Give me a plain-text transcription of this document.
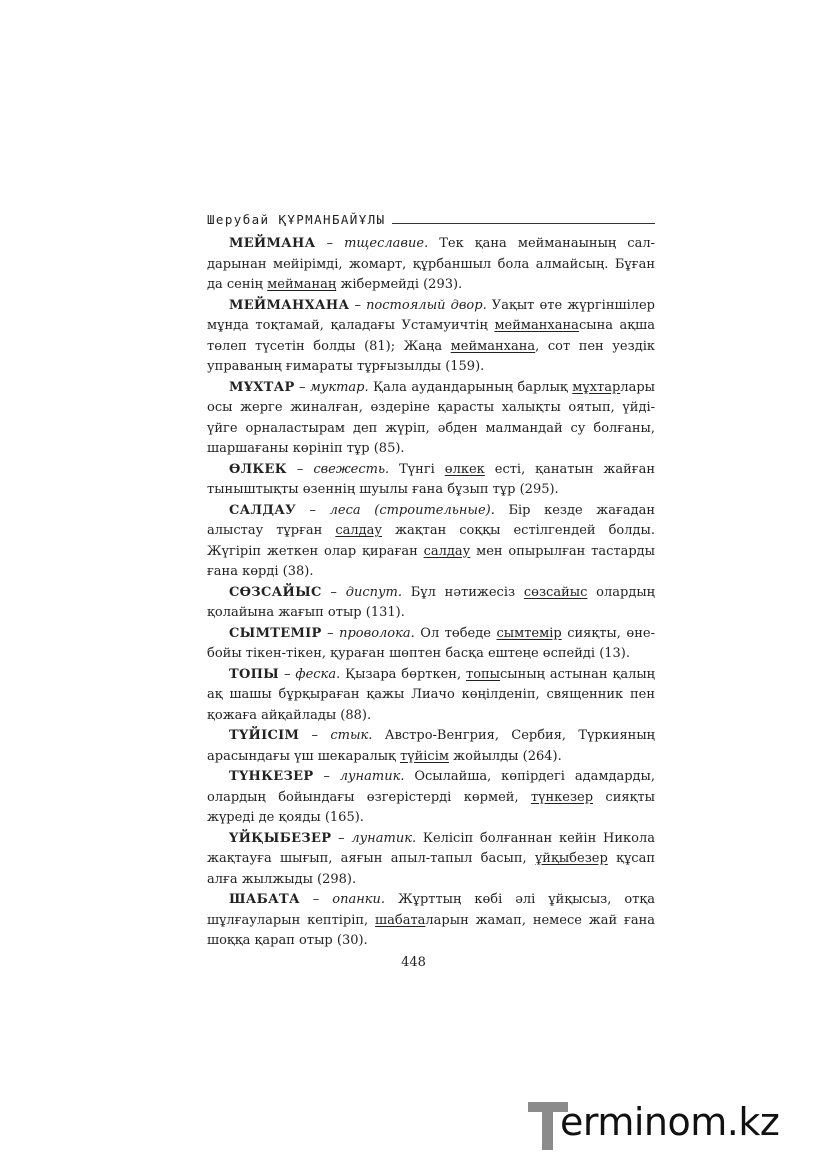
Шерубай ҚҰРМАНБАЙҰЛЫ

МЕЙМАНА – тщеславие. Тек қана мейманаының салдарынан мейірімді, жомарт, құрбаншыл бола алмайсың. Бұған да сенің мейманаң жібермейді (293).

МЕЙМАНХАНА – постоялый двор. Уақыт өте жүргіншілер мұнда тоқтамай, қаладағы Устамуичтің мейманханасына ақша төлеп түсетін болды (81); Жаңа мейманхана, сот пен уездік управаның ғимараты тұрғызылды (159).

МҰХТАР – муктар. Қала аудандарының барлық мұхтарлары осы жерге жиналған, өздеріне қарасты халықты оятып, үйді-үйге орналастырам деп жүріп, әбден малмандай су болғаны, шаршағаны көрініп тұр (85).

ӨЛКЕК – свежесть. Түнгі өлкек есті, қанатын жайған тыныштықты өзеннің шуылы ғана бұзып тұр (295).

САЛДАУ – леса (строительные). Бір кезде жағадан алыстау тұрған салдау жақтан соққы естілгендей болды. Жүгіріп жеткен олар қираған салдау мен опырылған тастарды ғана көрді (38).

СӨЗСАЙЫС – диспут. Бұл нәтижесіз сөзсайыс олардың қолайына жағып отыр (131).

СЫМТЕМІР – проволока. Ол төбеде сымтемір сияқты, өнебойы тікен-тікен, қураған шөптен басқа ештеңе өспейді (13).

ТОПЫ – феска. Қызара бөрткен, топысының астынан қалың ақ шашы бұрқыраған қажы Лиачо көңілденіп, священник пен қожаға айқайлады (88).

ТҮЙІСІМ – стык. Австро-Венгрия, Сербия, Түркияның арасындағы үш шекаралық түйісім жойылды (264).

ТҮНКЕЗЕР – лунатик. Осылайша, көпірдегі адамдарды, олардың бойындағы өзгерістерді көрмей, түнкезер сияқты жүреді де қояды (165).

ҮЙҚЫБЕЗЕР – лунатик. Келісіп болғаннан кейін Никола жақтауға шығып, аяғын апыл-тапыл басып, ұйқыбезер құсап алға жылжыды (298).

ШАБАТА – опанки. Жұрттың көбі әлі ұйқысыз, отқа шұлғауларын кептіріп, шабаталарын жамап, немесе жай ғана шоққа қарап отыр (30).

448
erminom.kz
